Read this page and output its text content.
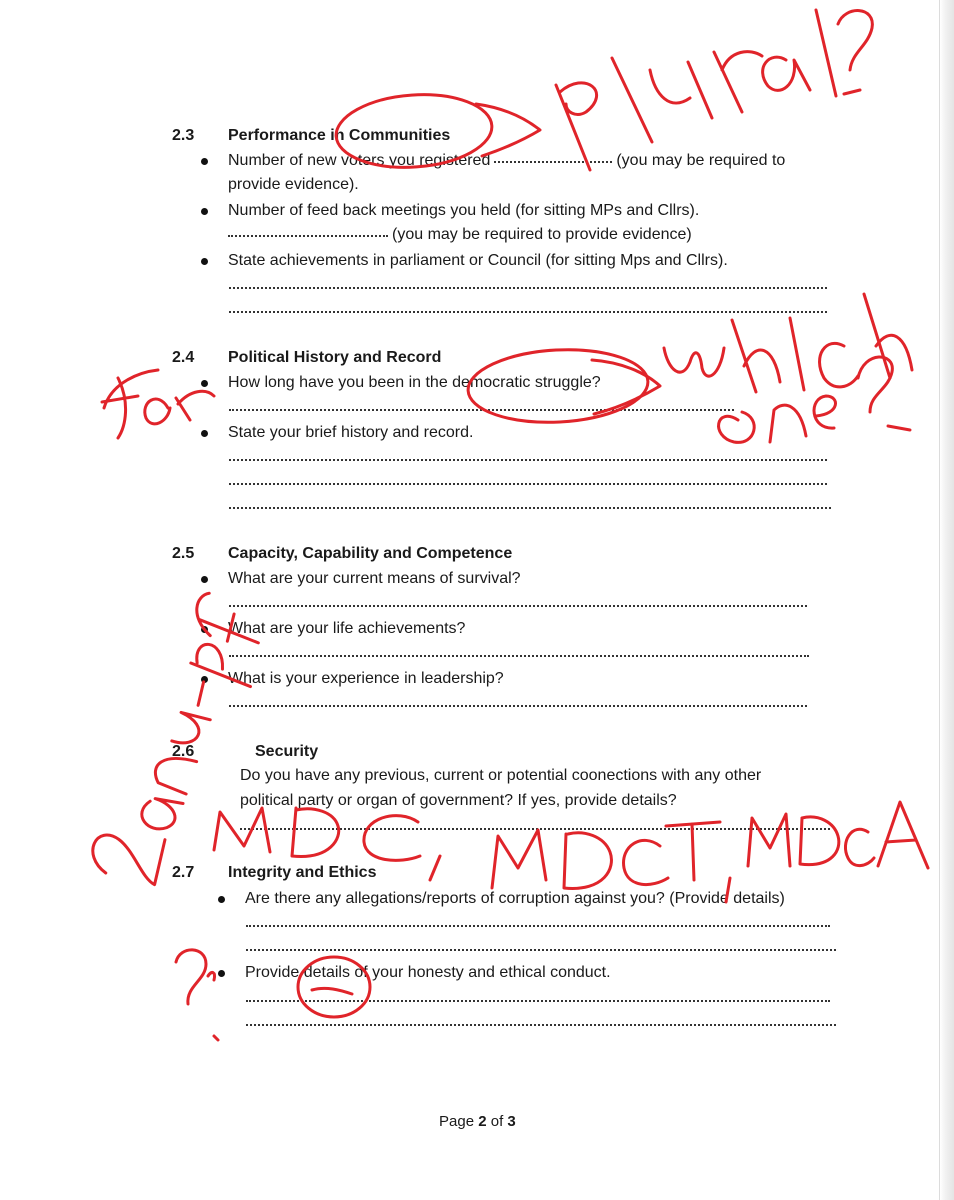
2.3 Performance in Communities
Number of new voters you registered	(you may be required to
provide evidence).
Number of feed back meetings you held (for sitting MPs and Cllrs).
(you may be required to provide evidence)
State achievements in parliament or Council (for sitting Mps and Cllrs).
2.4 Political History and Record
How long have you been in the democratic struggle?
State your brief history and record.
2.5 Capacity, Capability and Competence
What are your current means of survival?
What are your life achievements?
What is your experience in leadership?
2.6	Security
Do you have any previous, current or potential coonections with any other
political party or organ of government? If yes, provide details?
2.7 Integrity and Ethics
Are there any allegations/reports of corruption against you? (Provide details)
Provide details of your honesty and ethical conduct.
Page 2 of 3
